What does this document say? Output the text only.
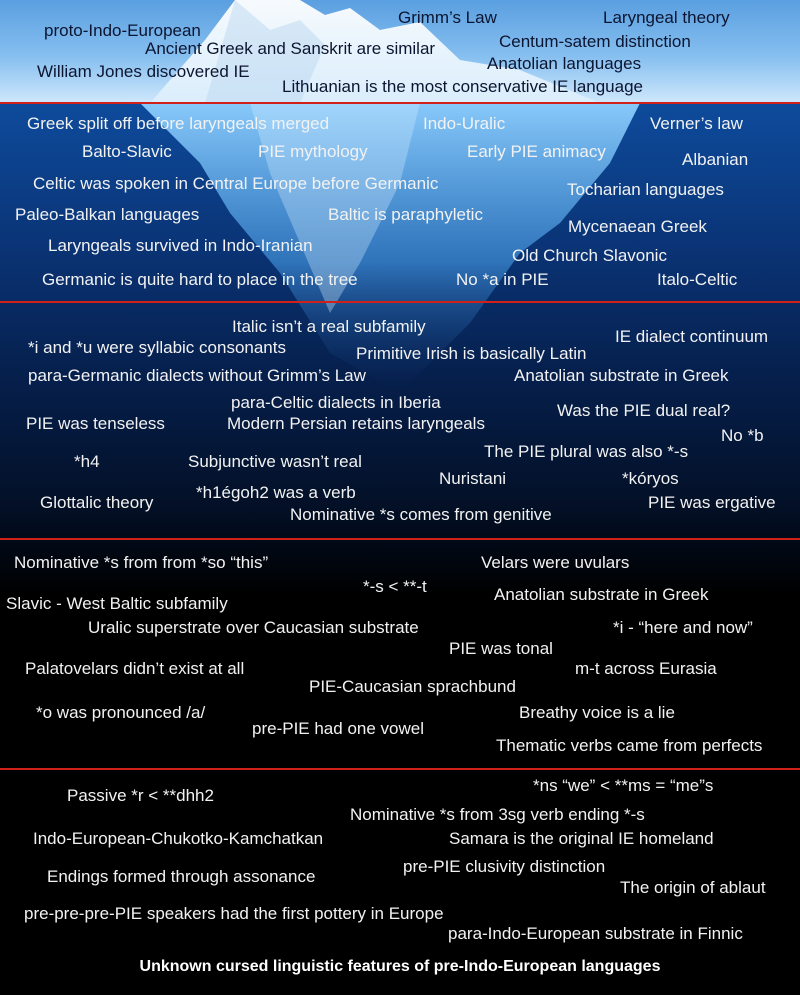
proto-Indo-European
Grimm’s Law	Laryngeal theory
Ancient Greek and Sanskrit are similar	Centum-satem distinction
William Jones discovered IE	Anatolian languages
Lithuanian is the most conservative IE language
Greek split off before laryngeals merged	Indo-Uralic	Verner’s law
Balto-Slavic	PIE mythology	Early PIE animacy	Albanian
Celtic was spoken in Central Europe before Germanic	Tocharian languages
Paleo-Balkan languages	Baltic is paraphyletic
Mycenaean Greek
Laryngeals survived in Indo-Iranian
Old Church Slavonic
Germanic is quite hard to place in the tree	No *a in PIE	Italo-Celtic
Italic isn’t a real subfamily
IE dialect continuum
*i and *u were syllabic consonants	Primitive Irish is basically Latin
para-Germanic dialects without Grimm’s Law	Anatolian substrate in Greek
para-Celtic dialects in Iberia	Was the PIE dual real?
PIE was tenseless	Modern Persian retains laryngeals
No *b
The PIE plural was also *-s
*h4	Subjunctive wasn’t real
Nuristani	*kóryos
*h1égoh2 was a verb
Glottalic theory	PIE was ergative
Nominative *s comes from genitive
Nominative *s from from *so “this”	Velars were uvulars
*-s < **-t
Slavic - West Baltic subfamily	Anatolian substrate in Greek
Uralic superstrate over Caucasian substrate	*i - “here and now”
PIE was tonal
Palatovelars didn’t exist at all	m-t across Eurasia
PIE-Caucasian sprachbund
*o was pronounced /a/	Breathy voice is a lie
pre-PIE had one vowel
Thematic verbs came from perfects
*ns “we” < **ms = “me”s
Passive *r < **dhh2
Nominative *s from 3sg verb ending *-s
Indo-European-Chukotko-Kamchatkan	Samara is the original IE homeland
pre-PIE clusivity distinction
Endings formed through assonance
The origin of ablaut
pre-pre-pre-PIE speakers had the first pottery in Europe
para-Indo-European substrate in Finnic
Unknown cursed linguistic features of pre-Indo-European languages
